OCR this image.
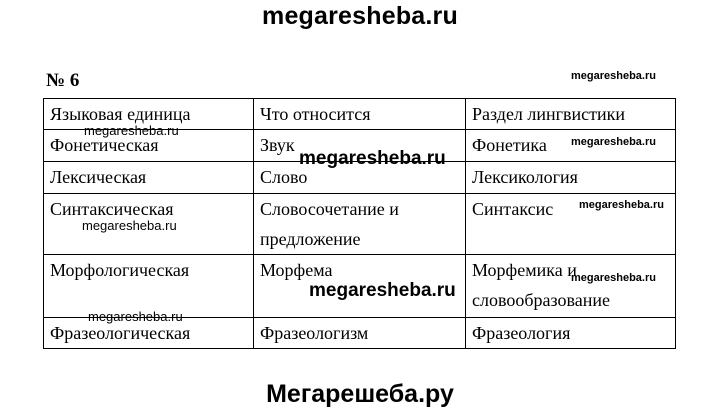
megaresheba.ru
№ 6
Языковая единица	Что относится	Раздел лингвистики
Фонетическая	Звук	Фонетика
Лексическая	Слово	Лексикология
Синтаксическая	Словосочетание и предложение	Синтаксис
Морфологическая	Морфема	Морфемика и словообразование
Фразеологическая	Фразеологизм	Фразеология
megaresheba.ru
megaresheba.ru
megaresheba.ru
megaresheba.ru
megaresheba.ru
megaresheba.ru
megaresheba.ru
megaresheba.ru
megaresheba.ru
Мегарешеба.ру
